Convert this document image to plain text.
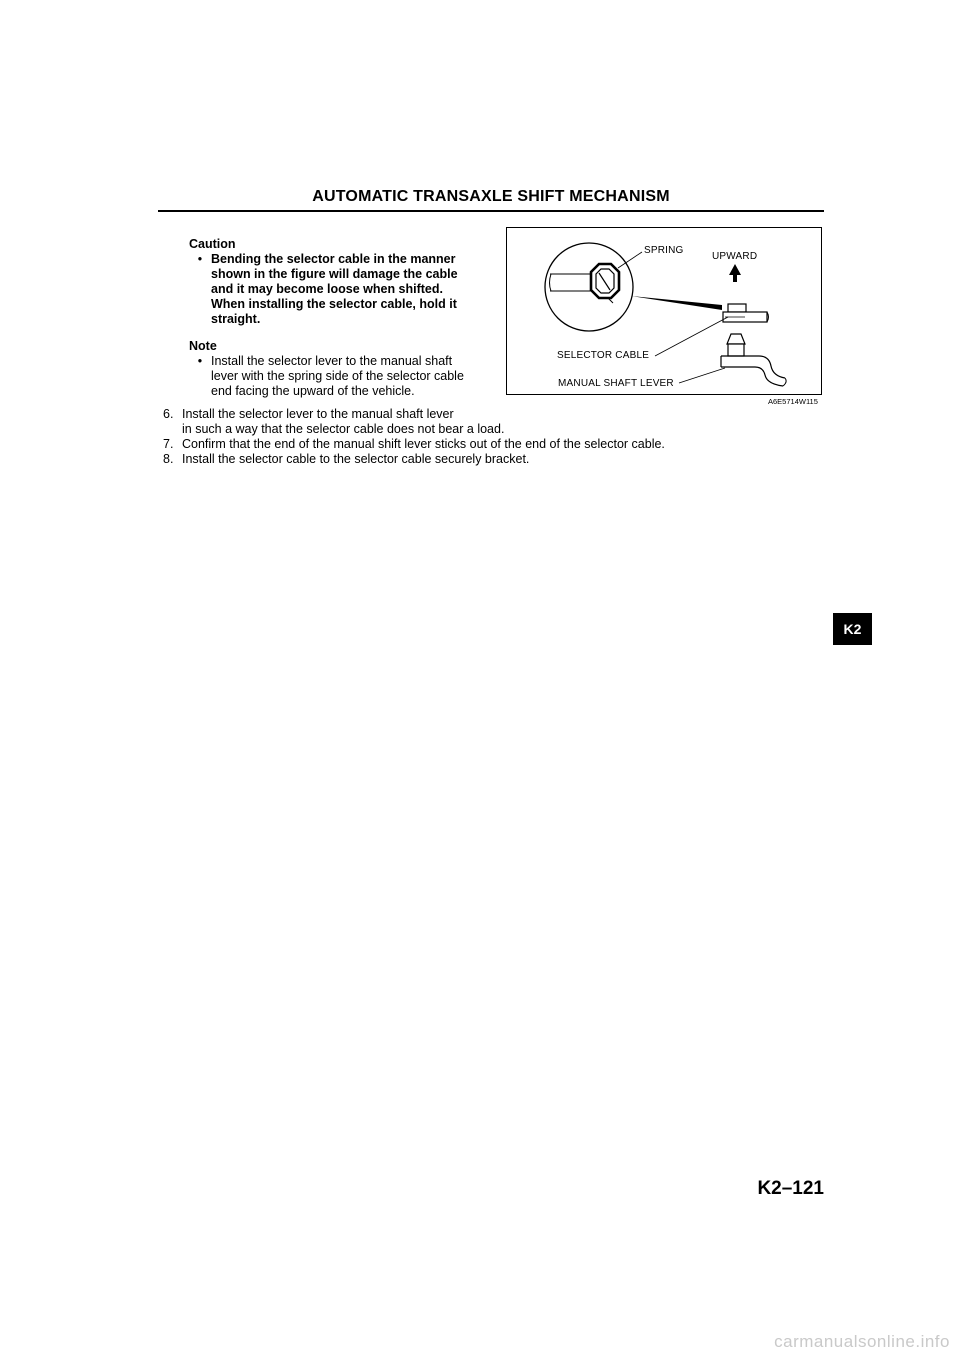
AUTOMATIC TRANSAXLE SHIFT MECHANISM
Caution
• Bending the selector cable in the manner shown in the figure will damage the cable and it may become loose when shifted. When installing the selector cable, hold it straight.
Note
• Install the selector lever to the manual shaft lever with the spring side of the selector cable end facing the upward of the vehicle.
SPRING
UPWARD
SELECTOR CABLE
MANUAL SHAFT LEVER
A6E5714W115
6. Install the selector lever to the manual shaft lever
in such a way that the selector cable does not bear a load.
7. Confirm that the end of the manual shift lever sticks out of the end of the selector cable.
8. Install the selector cable to the selector cable securely bracket.
K2
K2–121
carmanualsonline.info
